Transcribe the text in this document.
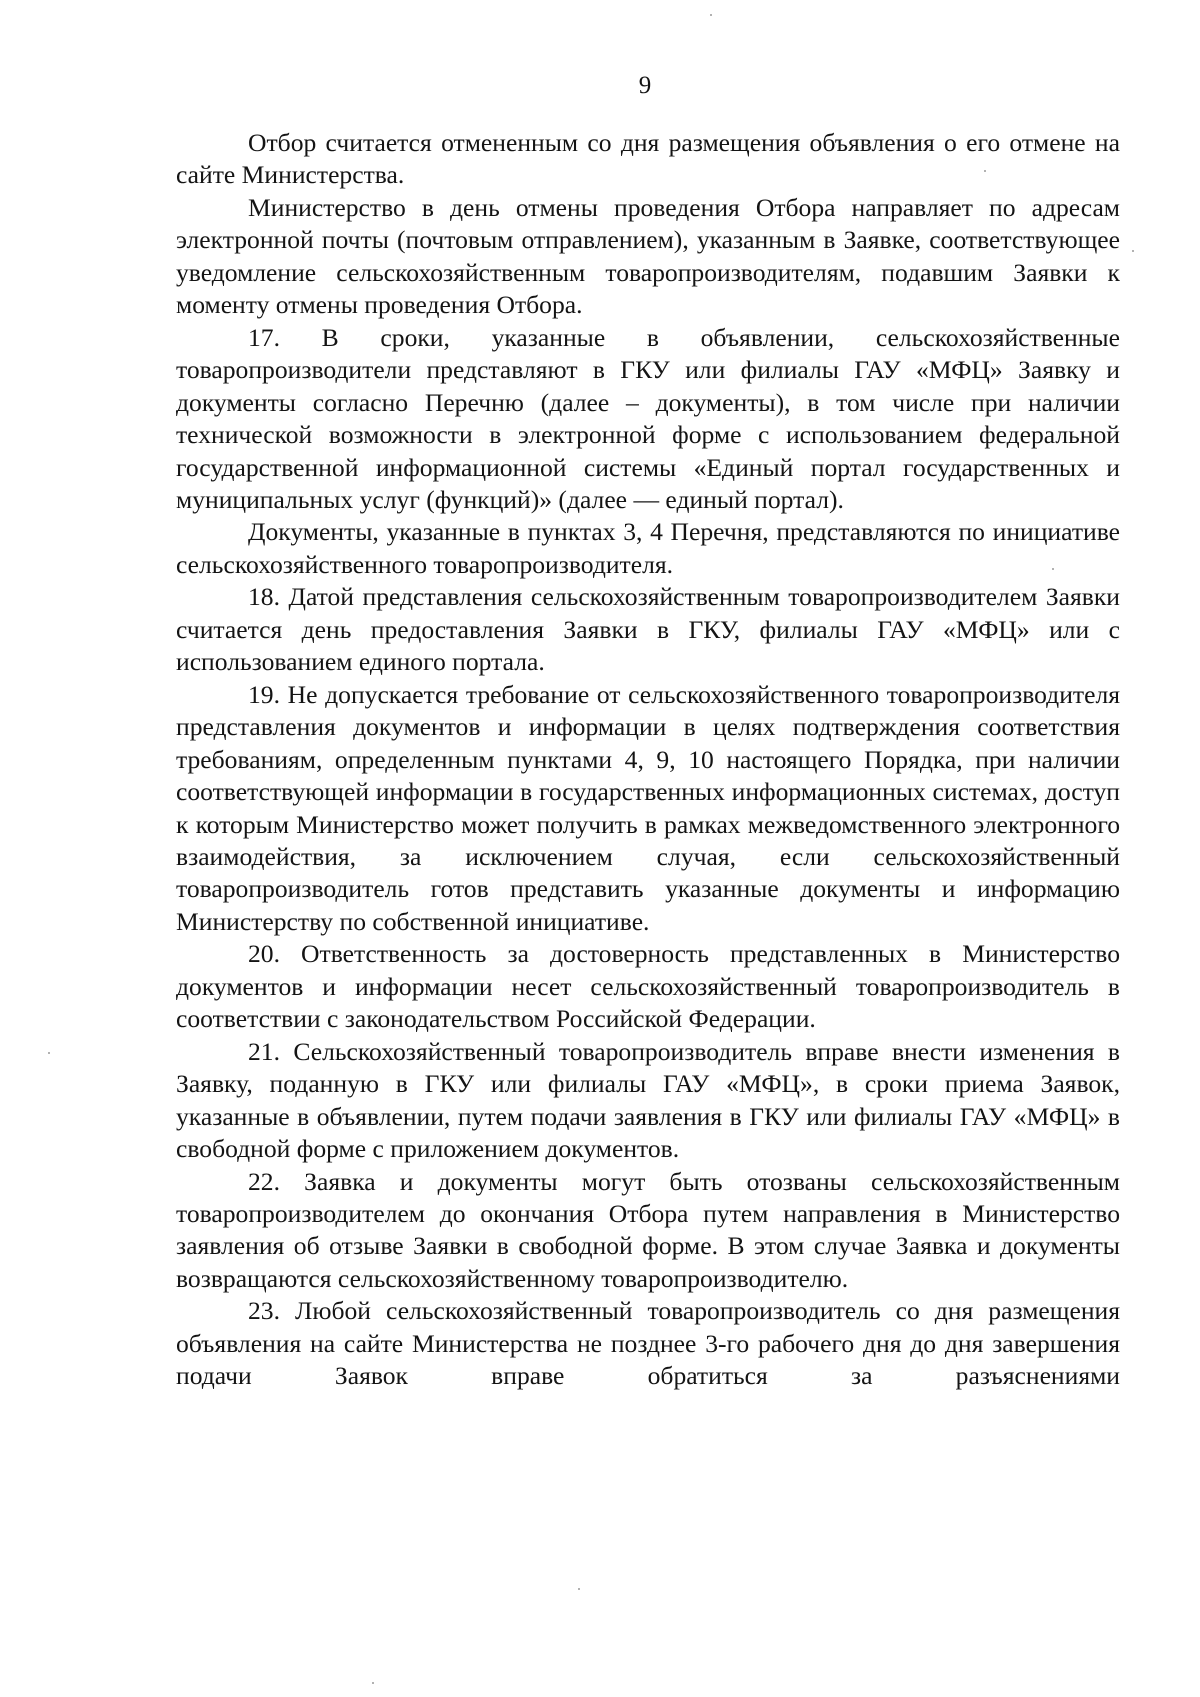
9

Отбор считается отмененным со дня размещения объявления о его отмене на сайте Министерства.

Министерство в день отмены проведения Отбора направляет по адресам электронной почты (почтовым отправлением), указанным в Заявке, соответствующее уведомление сельскохозяйственным товаропроизводителям, подавшим Заявки к моменту отмены проведения Отбора.

17. В сроки, указанные в объявлении, сельскохозяйственные товаропроизводители представляют в ГКУ или филиалы ГАУ «МФЦ» Заявку и документы согласно Перечню (далее – документы), в том числе при наличии технической возможности в электронной форме с использованием федеральной государственной информационной системы «Единый портал государственных и муниципальных услуг (функций)» (далее — единый портал).

Документы, указанные в пунктах 3, 4 Перечня, представляются по инициативе сельскохозяйственного товаропроизводителя.

18. Датой представления сельскохозяйственным товаропроизводителем Заявки считается день предоставления Заявки в ГКУ, филиалы ГАУ «МФЦ» или с использованием единого портала.

19. Не допускается требование от сельскохозяйственного товаропроизводителя представления документов и информации в целях подтверждения соответствия требованиям, определенным пунктами 4, 9, 10 настоящего Порядка, при наличии соответствующей информации в государственных информационных системах, доступ к которым Министерство может получить в рамках межведомственного электронного взаимодействия, за исключением случая, если сельскохозяйственный товаропроизводитель готов представить указанные документы и информацию Министерству по собственной инициативе.

20. Ответственность за достоверность представленных в Министерство документов и информации несет сельскохозяйственный товаропроизводитель в соответствии с законодательством Российской Федерации.

21. Сельскохозяйственный товаропроизводитель вправе внести изменения в Заявку, поданную в ГКУ или филиалы ГАУ «МФЦ», в сроки приема Заявок, указанные в объявлении, путем подачи заявления в ГКУ или филиалы ГАУ «МФЦ» в свободной форме с приложением документов.

22. Заявка и документы могут быть отозваны сельскохозяйственным товаропроизводителем до окончания Отбора путем направления в Министерство заявления об отзыве Заявки в свободной форме. В этом случае Заявка и документы возвращаются сельскохозяйственному товаропроизводителю.

23. Любой сельскохозяйственный товаропроизводитель со дня размещения объявления на сайте Министерства не позднее 3-го рабочего дня до дня завершения подачи Заявок вправе обратиться за разъяснениями
